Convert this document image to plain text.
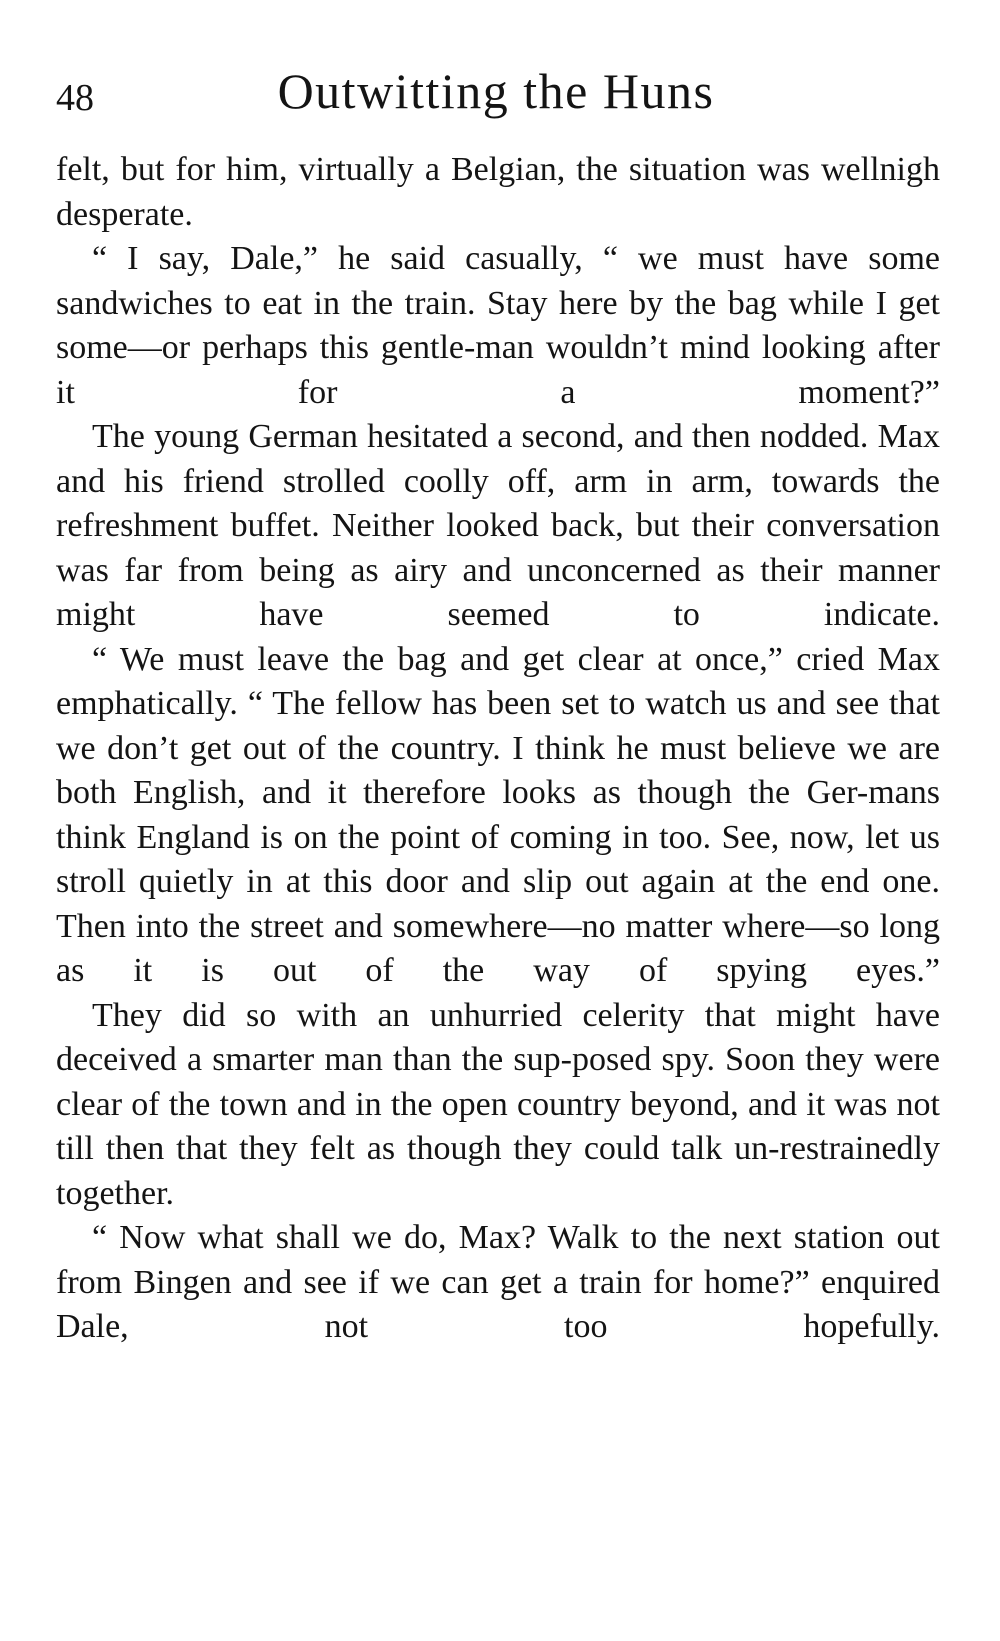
48	Outwitting the Huns

felt, but for him, virtually a Belgian, the situation was wellnigh desperate.

“ I say, Dale,” he said casually, “ we must have some sandwiches to eat in the train. Stay here by the bag while I get some—or perhaps this gentle-man wouldn’t mind looking after it for a moment?”

The young German hesitated a second, and then nodded. Max and his friend strolled coolly off, arm in arm, towards the refreshment buffet. Neither looked back, but their conversation was far from being as airy and unconcerned as their manner might have seemed to indicate.

“ We must leave the bag and get clear at once,” cried Max emphatically. “ The fellow has been set to watch us and see that we don’t get out of the country. I think he must believe we are both English, and it therefore looks as though the Ger-mans think England is on the point of coming in too. See, now, let us stroll quietly in at this door and slip out again at the end one. Then into the street and somewhere—no matter where—so long as it is out of the way of spying eyes.”

They did so with an unhurried celerity that might have deceived a smarter man than the sup-posed spy. Soon they were clear of the town and in the open country beyond, and it was not till then that they felt as though they could talk un-restrainedly together.

“ Now what shall we do, Max? Walk to the next station out from Bingen and see if we can get a train for home?” enquired Dale, not too hopefully.
